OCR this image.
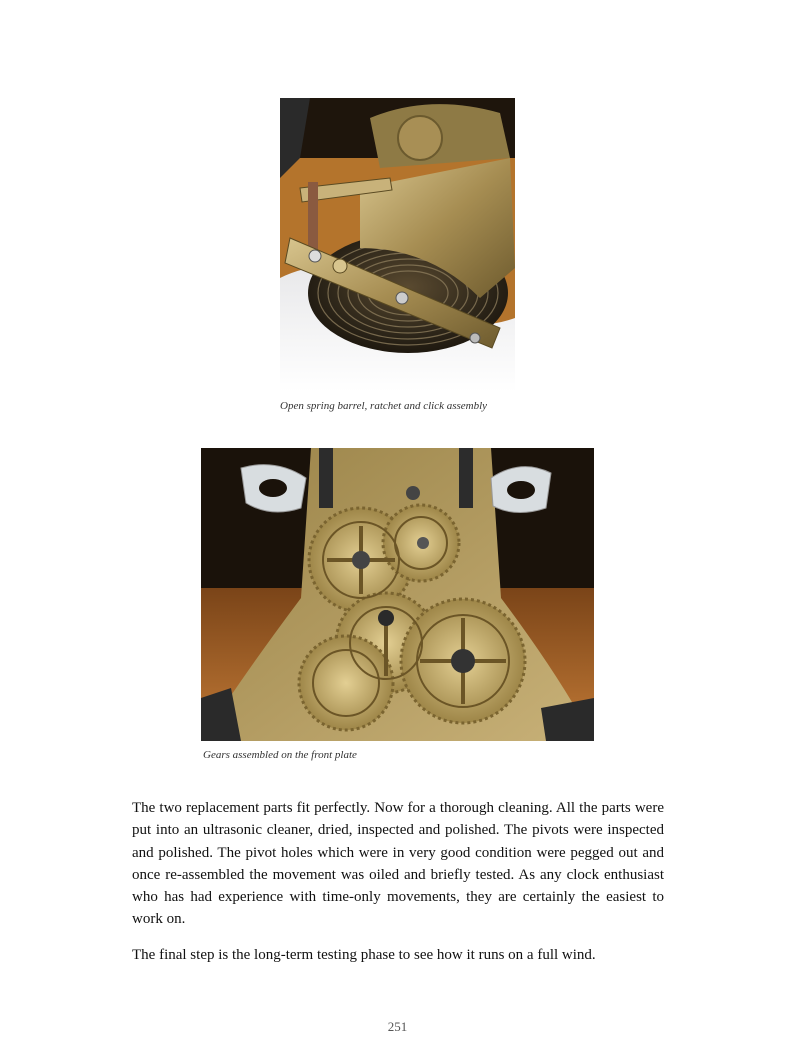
Open spring barrel, ratchet and click assembly
Gears assembled on the front plate

The two replacement parts fit perfectly. Now for a thorough cleaning. All the parts were put into an ultrasonic cleaner, dried, inspected and polished. The pivots were inspected and polished. The pivot holes which were in very good condition were pegged out and once re-assembled the movement was oiled and briefly tested. As any clock enthusiast who has had experience with time-only movements, they are certainly the easiest to work on.

The final step is the long-term testing phase to see how it runs on a full wind.

251
